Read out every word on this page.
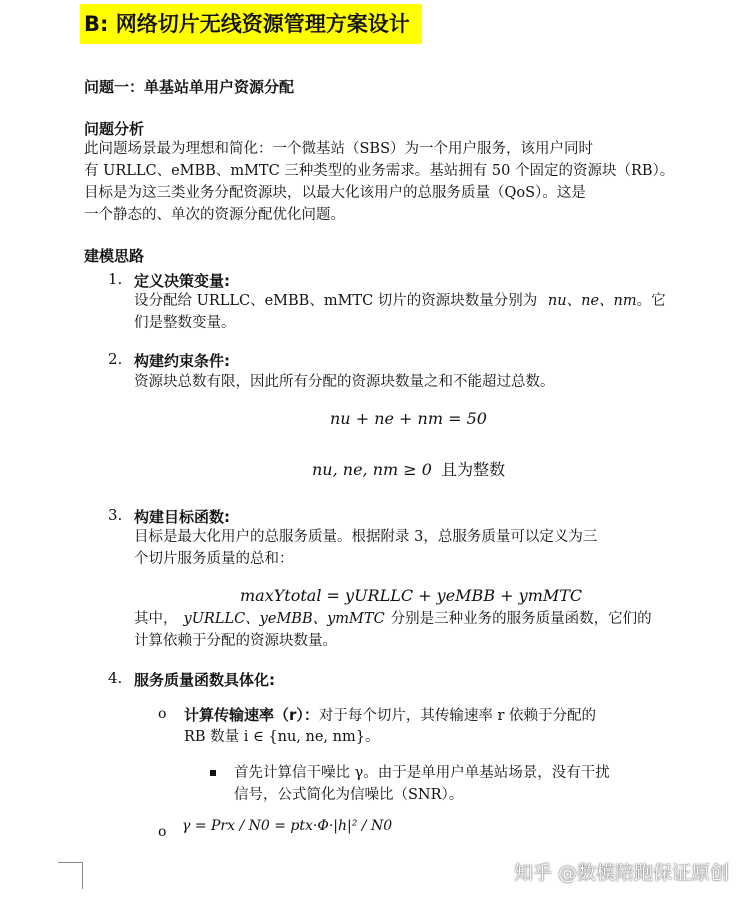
B: 网络切片无线资源管理方案设计
问题一：单基站单用户资源分配
问题分析
此问题场景最为理想和简化：一个微基站（SBS）为一个用户服务，该用户同时
有 URLLC、eMBB、mMTC 三种类型的业务需求。基站拥有 50 个固定的资源块（RB）。
目标是为这三类业务分配资源块，以最大化该用户的总服务质量（QoS）。这是
一个静态的、单次的资源分配优化问题。
建模思路
1. 定义决策变量:
设分配给 URLLC、eMBB、mMTC 切片的资源块数量分别为 nu、ne、nm。它
们是整数变量。
2. 构建约束条件:
资源块总数有限，因此所有分配的资源块数量之和不能超过总数。
nu + ne + nm = 50
nu, ne, nm ≥ 0 且为整数
3. 构建目标函数:
目标是最大化用户的总服务质量。根据附录 3，总服务质量可以定义为三
个切片服务质量的总和：
maxYtotal = yURLLC + yeMBB + ymMTC
其中， yURLLC、yeMBB、ymMTC 分别是三种业务的服务质量函数，它们的
计算依赖于分配的资源块数量。
4. 服务质量函数具体化:
o 计算传输速率（r）：对于每个切片，其传输速率 r 依赖于分配的
RB 数量 i ∈ {nu, ne, nm}。
首先计算信干噪比 γ。由于是单用户单基站场景，没有干扰
信号，公式简化为信噪比（SNR）。
o γ = Prx / N0 = ptx·Φ·|h|² / N0
知乎 @数模陪跑保证原创
